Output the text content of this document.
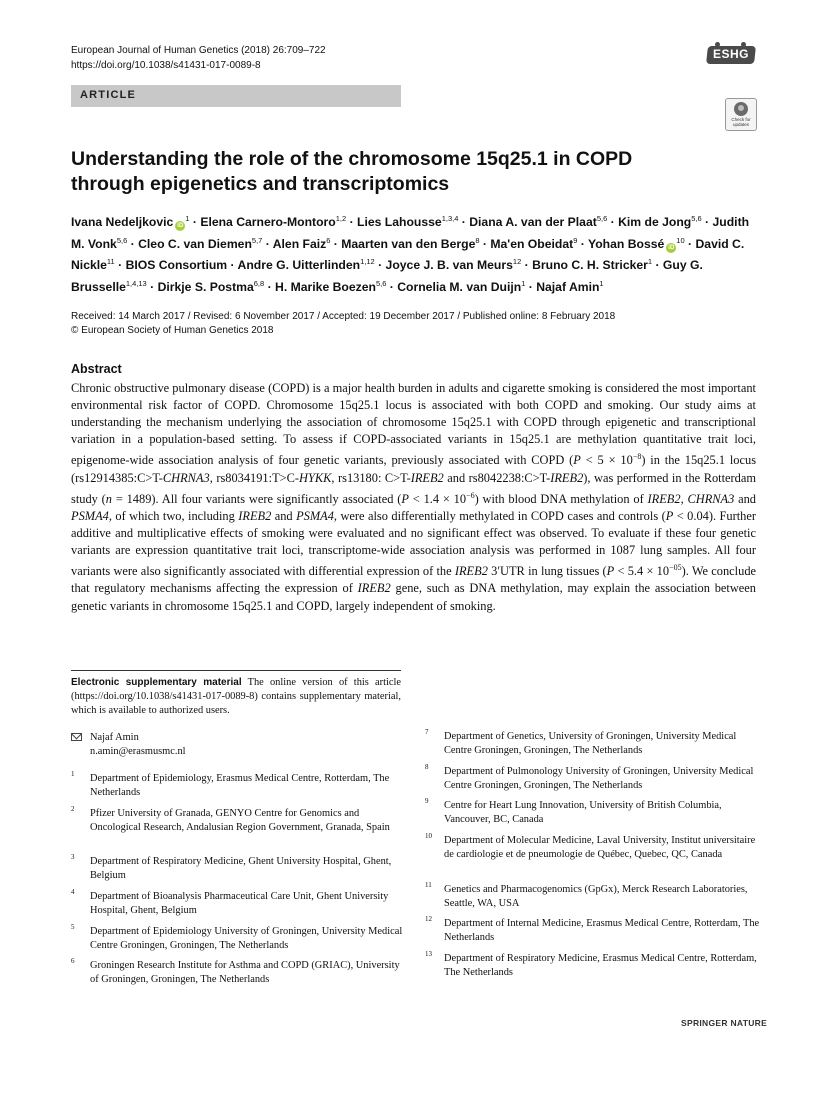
European Journal of Human Genetics (2018) 26:709–722
https://doi.org/10.1038/s41431-017-0089-8
ESHG
ARTICLE
Check for updates
Understanding the role of the chromosome 15q25.1 in COPD through epigenetics and transcriptomics
Ivana Nedeljkovic $iD^1$ · Elena Carnero-Montoro$^{1,2}$ · Lies Lahousse$^{1,3,4}$ · Diana A. van der Plaat$^{5,6}$ · Kim de Jong$^{5,6}$ · Judith M. Vonk$^{5,6}$ · Cleo C. van Diemen$^{5,7}$ · Alen Faiz$^6$ · Maarten van den Berge$^8$ · Ma'en Obeidat$^9$ · Yohan Bossé $iD^{10}$ · David C. Nickle$^{11}$ · BIOS Consortium · Andre G. Uitterlinden$^{1,12}$ · Joyce J. B. van Meurs$^{12}$ · Bruno C. H. Stricker$^1$ · Guy G. Brusselle$^{1,4,13}$ · Dirkje S. Postma$^{6,8}$ · H. Marike Boezen$^{5,6}$ · Cornelia M. van Duijn$^1$ · Najaf Amin$^1$
Received: 14 March 2017 / Revised: 6 November 2017 / Accepted: 19 December 2017 / Published online: 8 February 2018
© European Society of Human Genetics 2018
Abstract
Chronic obstructive pulmonary disease (COPD) is a major health burden in adults and cigarette smoking is considered the most important environmental risk factor of COPD. Chromosome 15q25.1 locus is associated with both COPD and smoking. Our study aims at understanding the mechanism underlying the association of chromosome 15q25.1 with COPD through epigenetic and transcriptional variation in a population-based setting. To assess if COPD-associated variants in 15q25.1 are methylation quantitative trait loci, epigenome-wide association analysis of four genetic variants, previously associated with COPD $(P < 5 \times 10^{-8})$ in the 15q25.1 locus (rs12914385:C>T-CHRNA3, rs8034191:T>C-HYKK, rs13180: C>T-IREB2 and rs8042238:C>T-IREB2), was performed in the Rotterdam study (n = 1489). All four variants were significantly associated $(P < 1.4 \times 10^{-6})$ with blood DNA methylation of IREB2, CHRNA3 and PSMA4, of which two, including IREB2 and PSMA4, were also differentially methylated in COPD cases and controls (P < 0.04). Further additive and multiplicative effects of smoking were evaluated and no significant effect was observed. To evaluate if these four genetic variants are expression quantitative trait loci, transcriptome-wide association analysis was performed in 1087 lung samples. All four variants were also significantly associated with differential expression of the IREB2 3′UTR in lung tissues $(P < 5.4 \times 10^{-05})$. We conclude that regulatory mechanisms affecting the expression of IREB2 gene, such as DNA methylation, may explain the association between genetic variants in chromosome 15q25.1 and COPD, largely independent of smoking.
Electronic supplementary material The online version of this article (https://doi.org/10.1038/s41431-017-0089-8) contains supplementary material, which is available to authorized users.
Najaf Amin
n.amin@erasmusmc.nl
1 Department of Epidemiology, Erasmus Medical Centre, Rotterdam, The Netherlands
2 Pfizer University of Granada, GENYO Centre for Genomics and Oncological Research, Andalusian Region Government, Granada, Spain
3 Department of Respiratory Medicine, Ghent University Hospital, Ghent, Belgium
4 Department of Bioanalysis Pharmaceutical Care Unit, Ghent University Hospital, Ghent, Belgium
5 Department of Epidemiology University of Groningen, University Medical Centre Groningen, Groningen, The Netherlands
6 Groningen Research Institute for Asthma and COPD (GRIAC), University of Groningen, Groningen, The Netherlands
7 Department of Genetics, University of Groningen, University Medical Centre Groningen, Groningen, The Netherlands
8 Department of Pulmonology University of Groningen, University Medical Centre Groningen, Groningen, The Netherlands
9 Centre for Heart Lung Innovation, University of British Columbia, Vancouver, BC, Canada
10 Department of Molecular Medicine, Laval University, Institut universitaire de cardiologie et de pneumologie de Québec, Quebec, QC, Canada
11 Genetics and Pharmacogenomics (GpGx), Merck Research Laboratories, Seattle, WA, USA
12 Department of Internal Medicine, Erasmus Medical Centre, Rotterdam, The Netherlands
13 Department of Respiratory Medicine, Erasmus Medical Centre, Rotterdam, The Netherlands
SPRINGER NATURE
